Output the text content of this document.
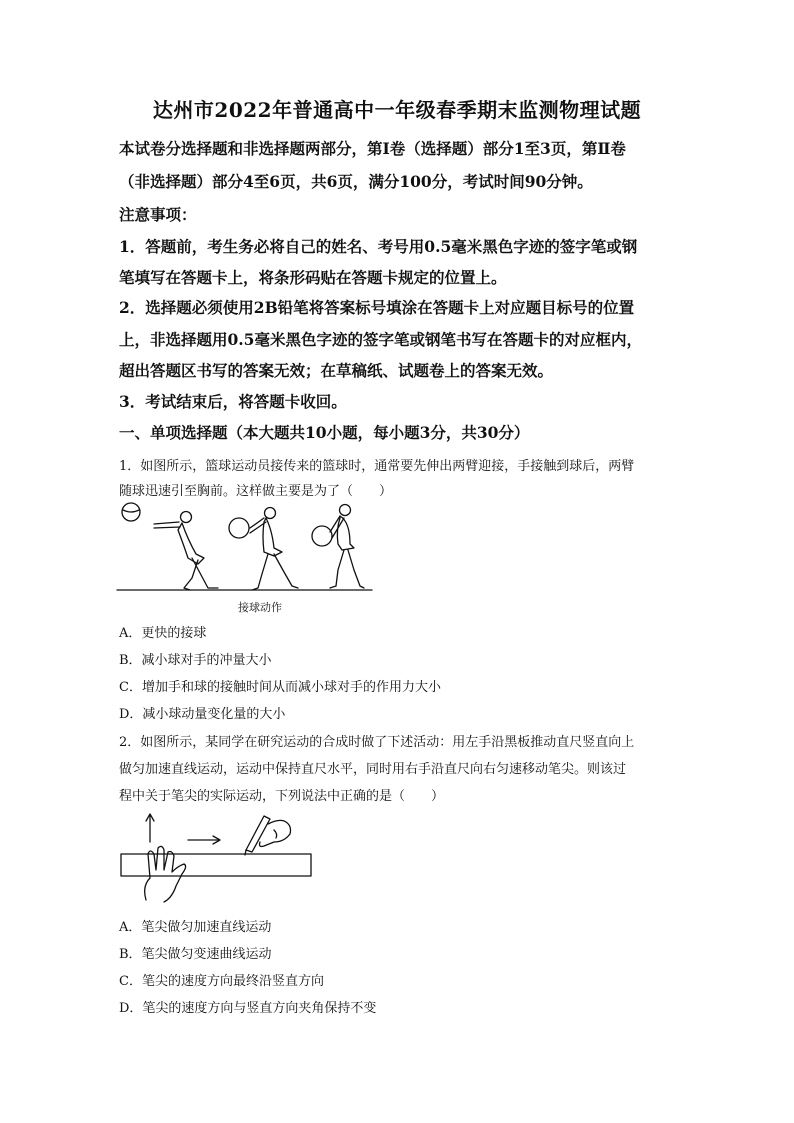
达州市2022年普通高中一年级春季期末监测物理试题
本试卷分选择题和非选择题两部分，第Ⅰ卷（选择题）部分1至3页，第Ⅱ卷
（非选择题）部分4至6页，共6页，满分100分，考试时间90分钟。
注意事项：
1．答题前，考生务必将自己的姓名、考号用0.5毫米黑色字迹的签字笔或钢
笔填写在答题卡上，将条形码贴在答题卡规定的位置上。
2．选择题必须使用2B铅笔将答案标号填涂在答题卡上对应题目标号的位置
上，非选择题用0.5毫米黑色字迹的签字笔或钢笔书写在答题卡的对应框内，
超出答题区书写的答案无效；在草稿纸、试题卷上的答案无效。
3．考试结束后，将答题卡收回。
一、单项选择题（本大题共10小题，每小题3分，共30分）
1．如图所示，篮球运动员接传来的篮球时，通常要先伸出两臂迎接，手接触到球后，两臂
随球迅速引至胸前。这样做主要是为了（　　）
接球动作
A．更快的接球
B．减小球对手的冲量大小
C．增加手和球的接触时间从而减小球对手的作用力大小
D．减小球动量变化量的大小
2．如图所示，某同学在研究运动的合成时做了下述活动：用左手沿黑板推动直尺竖直向上
做匀加速直线运动，运动中保持直尺水平，同时用右手沿直尺向右匀速移动笔尖。则该过
程中关于笔尖的实际运动，下列说法中正确的是（　　）
A．笔尖做匀加速直线运动
B．笔尖做匀变速曲线运动
C．笔尖的速度方向最终沿竖直方向
D．笔尖的速度方向与竖直方向夹角保持不变
